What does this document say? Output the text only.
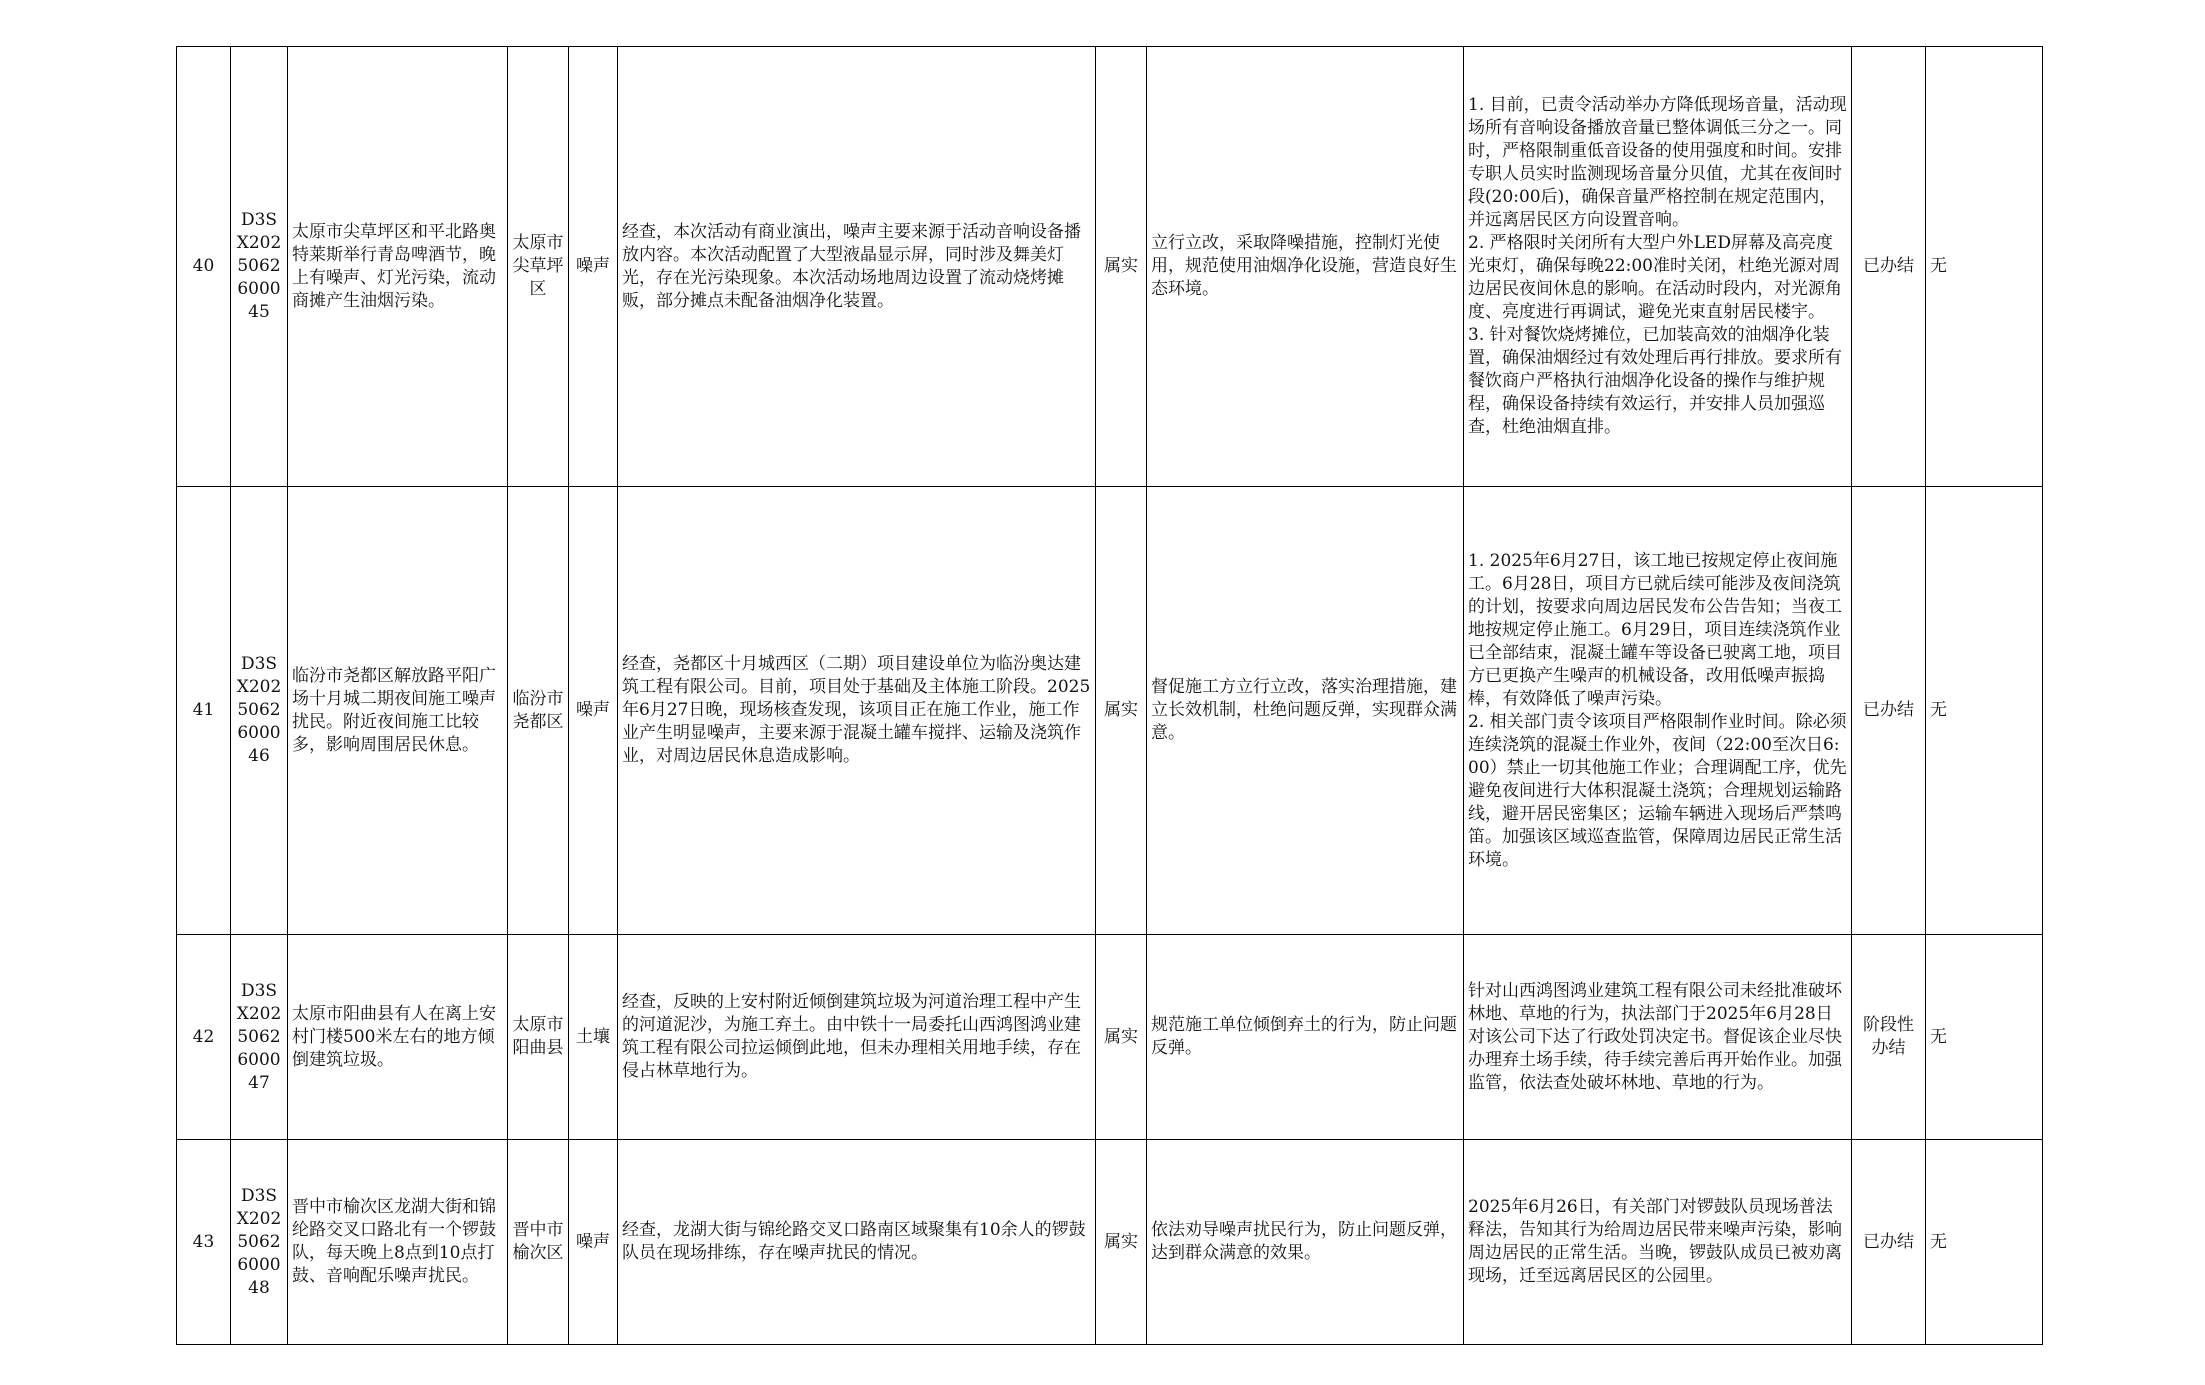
40	D3SX2025062600045	太原市尖草坪区和平北路奥特莱斯举行青岛啤酒节，晚上有噪声、灯光污染，流动商摊产生油烟污染。	太原市尖草坪区	噪声	经查，本次活动有商业演出，噪声主要来源于活动音响设备播放内容。本次活动配置了大型液晶显示屏，同时涉及舞美灯光，存在光污染现象。本次活动场地周边设置了流动烧烤摊贩，部分摊点未配备油烟净化装置。	属实	立行立改，采取降噪措施，控制灯光使用，规范使用油烟净化设施，营造良好生态环境。	1. 目前，已责令活动举办方降低现场音量，活动现场所有音响设备播放音量已整体调低三分之一。同时，严格限制重低音设备的使用强度和时间。安排专职人员实时监测现场音量分贝值，尤其在夜间时段(20:00后)，确保音量严格控制在规定范围内，并远离居民区方向设置音响。
2. 严格限时关闭所有大型户外LED屏幕及高亮度光束灯，确保每晚22:00准时关闭，杜绝光源对周边居民夜间休息的影响。在活动时段内，对光源角度、亮度进行再调试，避免光束直射居民楼宇。
3. 针对餐饮烧烤摊位，已加装高效的油烟净化装置，确保油烟经过有效处理后再行排放。要求所有餐饮商户严格执行油烟净化设备的操作与维护规程，确保设备持续有效运行，并安排人员加强巡查，杜绝油烟直排。	已办结	无
41	D3SX2025062600046	临汾市尧都区解放路平阳广场十月城二期夜间施工噪声扰民。附近夜间施工比较多，影响周围居民休息。	临汾市尧都区	噪声	经查，尧都区十月城西区（二期）项目建设单位为临汾奥达建筑工程有限公司。目前，项目处于基础及主体施工阶段。2025年6月27日晚，现场核查发现，该项目正在施工作业，施工作业产生明显噪声，主要来源于混凝土罐车搅拌、运输及浇筑作业，对周边居民休息造成影响。	属实	督促施工方立行立改，落实治理措施，建立长效机制，杜绝问题反弹，实现群众满意。	1. 2025年6月27日，该工地已按规定停止夜间施工。6月28日，项目方已就后续可能涉及夜间浇筑的计划，按要求向周边居民发布公告告知；当夜工地按规定停止施工。6月29日，项目连续浇筑作业已全部结束，混凝土罐车等设备已驶离工地，项目方已更换产生噪声的机械设备，改用低噪声振捣棒，有效降低了噪声污染。
2. 相关部门责令该项目严格限制作业时间。除必须连续浇筑的混凝土作业外，夜间（22:00至次日6:00）禁止一切其他施工作业；合理调配工序，优先避免夜间进行大体积混凝土浇筑；合理规划运输路线，避开居民密集区；运输车辆进入现场后严禁鸣笛。加强该区域巡查监管，保障周边居民正常生活环境。	已办结	无
42	D3SX2025062600047	太原市阳曲县有人在离上安村门楼500米左右的地方倾倒建筑垃圾。	太原市阳曲县	土壤	经查，反映的上安村附近倾倒建筑垃圾为河道治理工程中产生的河道泥沙，为施工弃土。由中铁十一局委托山西鸿图鸿业建筑工程有限公司拉运倾倒此地，但未办理相关用地手续，存在侵占林草地行为。	属实	规范施工单位倾倒弃土的行为，防止问题反弹。	针对山西鸿图鸿业建筑工程有限公司未经批准破坏林地、草地的行为，执法部门于2025年6月28日对该公司下达了行政处罚决定书。督促该企业尽快办理弃土场手续，待手续完善后再开始作业。加强监管，依法查处破坏林地、草地的行为。	阶段性办结	无
43	D3SX2025062600048	晋中市榆次区龙湖大街和锦纶路交叉口路北有一个锣鼓队，每天晚上8点到10点打鼓、音响配乐噪声扰民。	晋中市榆次区	噪声	经查，龙湖大街与锦纶路交叉口路南区域聚集有10余人的锣鼓队员在现场排练，存在噪声扰民的情况。	属实	依法劝导噪声扰民行为，防止问题反弹，达到群众满意的效果。	2025年6月26日，有关部门对锣鼓队员现场普法释法，告知其行为给周边居民带来噪声污染，影响周边居民的正常生活。当晚，锣鼓队成员已被劝离现场，迁至远离居民区的公园里。	已办结	无
